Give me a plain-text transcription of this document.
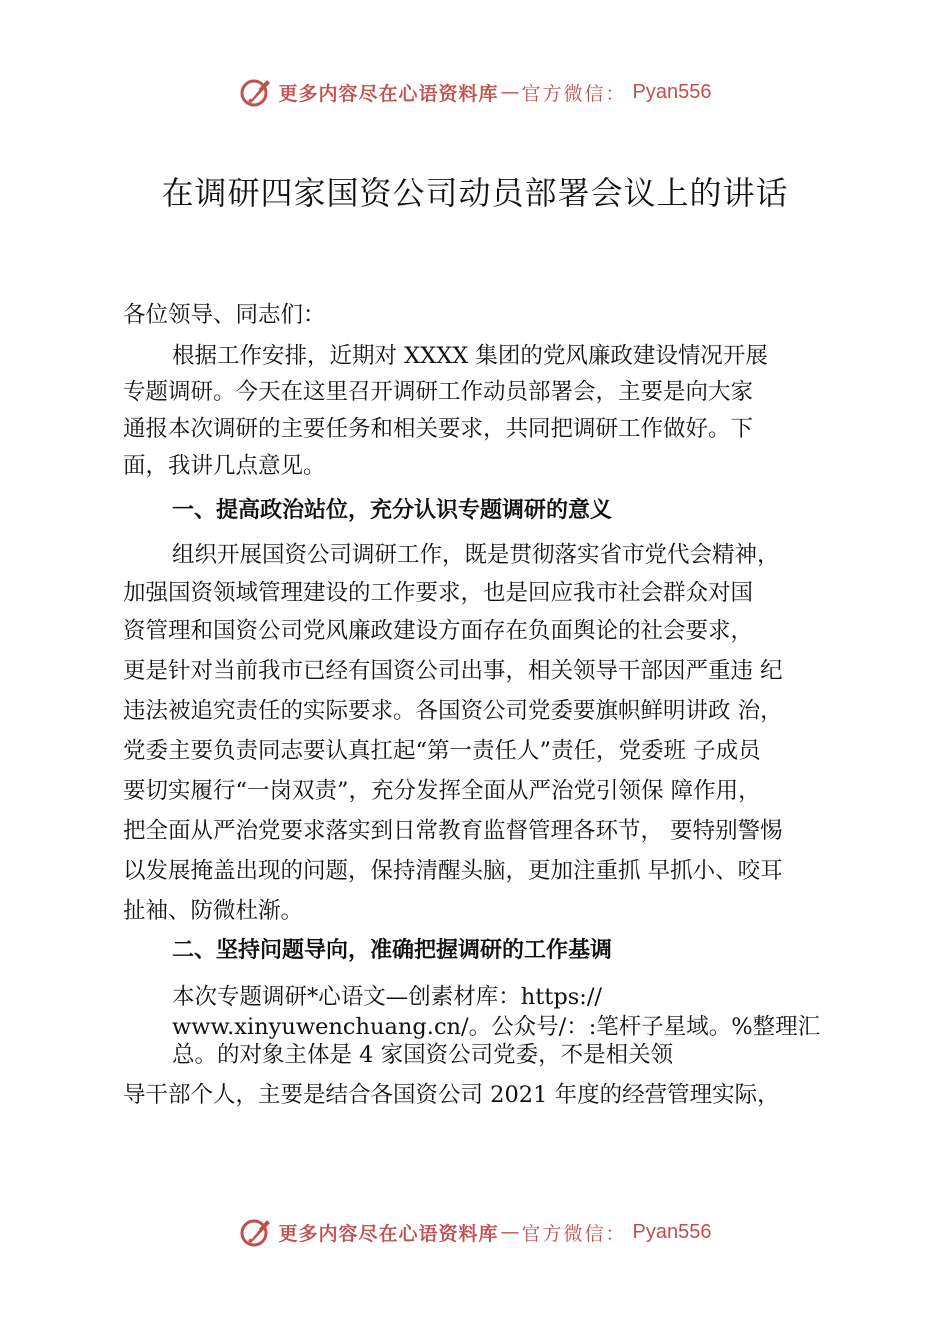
更多内容尽在心语资料库 — 官方微信： Pyan556
在调研四家国资公司动员部署会议上的讲话
各位领导、同志们：
根据工作安排，近期对 XXXX 集团的党风廉政建设情况开展
专题调研。今天在这里召开调研工作动员部署会，主要是向大家
通报本次调研的主要任务和相关要求，共同把调研工作做好。下
面，我讲几点意见。
一、提高政治站位，充分认识专题调研的意义
组织开展国资公司调研工作，既是贯彻落实省市党代会精神，
加强国资领域管理建设的工作要求，也是回应我市社会群众对国
资管理和国资公司党风廉政建设方面存在负面舆论的社会要求，
更是针对当前我市已经有国资公司出事，相关领导干部因严重违 纪
违法被追究责任的实际要求。各国资公司党委要旗帜鲜明讲政 治，
党委主要负责同志要认真扛起“第一责任人”责任，党委班 子成员
要切实履行“一岗双责”，充分发挥全面从严治党引领保 障作用，
把全面从严治党要求落实到日常教育监督管理各环节， 要特别警惕
以发展掩盖出现的问题，保持清醒头脑，更加注重抓 早抓小、咬耳
扯袖、防微杜渐。
二、坚持问题导向，准确把握调研的工作基调
本次专题调研*心语文—创素材库：https://
www.xinyuwenchuang.cn/。公众号/：:笔杆子星域。%整理汇
总。的对象主体是 4 家国资公司党委，不是相关领
导干部个人，主要是结合各国资公司 2021 年度的经营管理实际，
更多内容尽在心语资料库 — 官方微信： Pyan556
